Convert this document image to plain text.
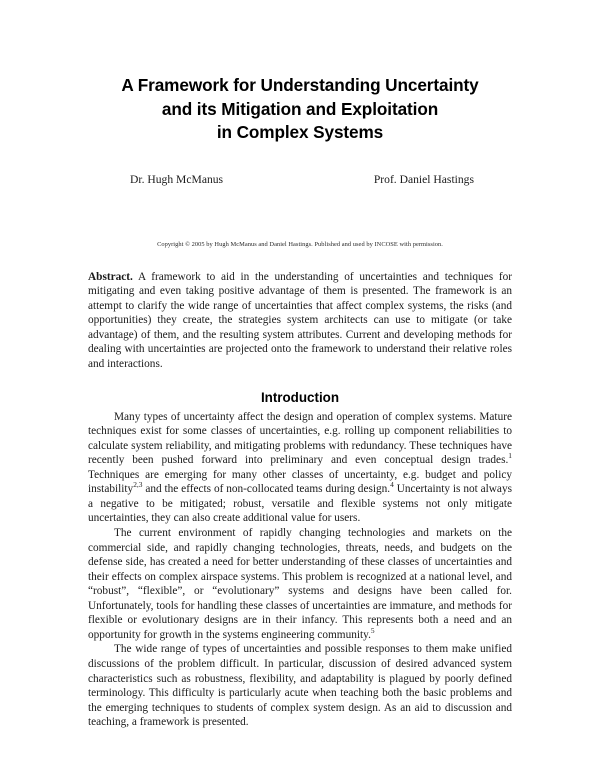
A Framework for Understanding Uncertainty
and its Mitigation and Exploitation
in Complex Systems
Dr. Hugh McManus	Prof. Daniel Hastings
Copyright © 2005 by Hugh McManus and Daniel Hastings. Published and used by INCOSE with permission.
Abstract. A framework to aid in the understanding of uncertainties and techniques for mitigating and even taking positive advantage of them is presented. The framework is an attempt to clarify the wide range of uncertainties that affect complex systems, the risks (and opportunities) they create, the strategies system architects can use to mitigate (or take advantage) of them, and the resulting system attributes. Current and developing methods for dealing with uncertainties are projected onto the framework to understand their relative roles and interactions.
Introduction

Many types of uncertainty affect the design and operation of complex systems. Mature techniques exist for some classes of uncertainties, e.g. rolling up component reliabilities to calculate system reliability, and mitigating problems with redundancy. These techniques have recently been pushed forward into preliminary and even conceptual design trades.$^1$ Techniques are emerging for many other classes of uncertainty, e.g. budget and policy instability$^{2,3}$ and the effects of non-collocated teams during design.$^4$ Uncertainty is not always a negative to be mitigated; robust, versatile and flexible systems not only mitigate uncertainties, they can also create additional value for users.

The current environment of rapidly changing technologies and markets on the commercial side, and rapidly changing technologies, threats, needs, and budgets on the defense side, has created a need for better understanding of these classes of uncertainties and their effects on complex airspace systems. This problem is recognized at a national level, and “robust”, “flexible”, or “evolutionary” systems and designs have been called for. Unfortunately, tools for handling these classes of uncertainties are immature, and methods for flexible or evolutionary designs are in their infancy. This represents both a need and an opportunity for growth in the systems engineering community.$^5$

The wide range of types of uncertainties and possible responses to them make unified discussions of the problem difficult. In particular, discussion of desired advanced system characteristics such as robustness, flexibility, and adaptability is plagued by poorly defined terminology. This difficulty is particularly acute when teaching both the basic problems and the emerging techniques to students of complex system design. As an aid to discussion and teaching, a framework is presented.
